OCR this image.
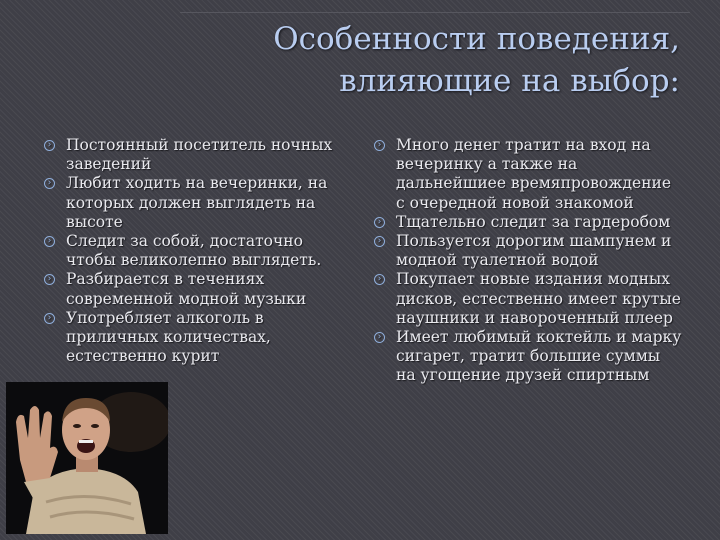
Особенности поведения,
влияющие на выбор:
› Постоянный посетитель ночных заведений
› Любит ходить на вечеринки, на которых должен выглядеть на высоте
› Следит за собой, достаточно чтобы великолепно выглядеть.
› Разбирается в течениях современной модной музыки
› Употребляет алкоголь в приличных количествах, естественно курит
› Много денег тратит на вход на вечеринку а также на дальнейшиее времяпровождение с очередной новой знакомой
› Тщательно следит за гардеробом
› Пользуется дорогим шампунем и модной туалетной водой
› Покупает новые издания модных дисков, естественно имеет крутые наушники и навороченный плеер
› Имеет любимый коктейль и марку сигарет, тратит большие суммы на угощение друзей спиртным
